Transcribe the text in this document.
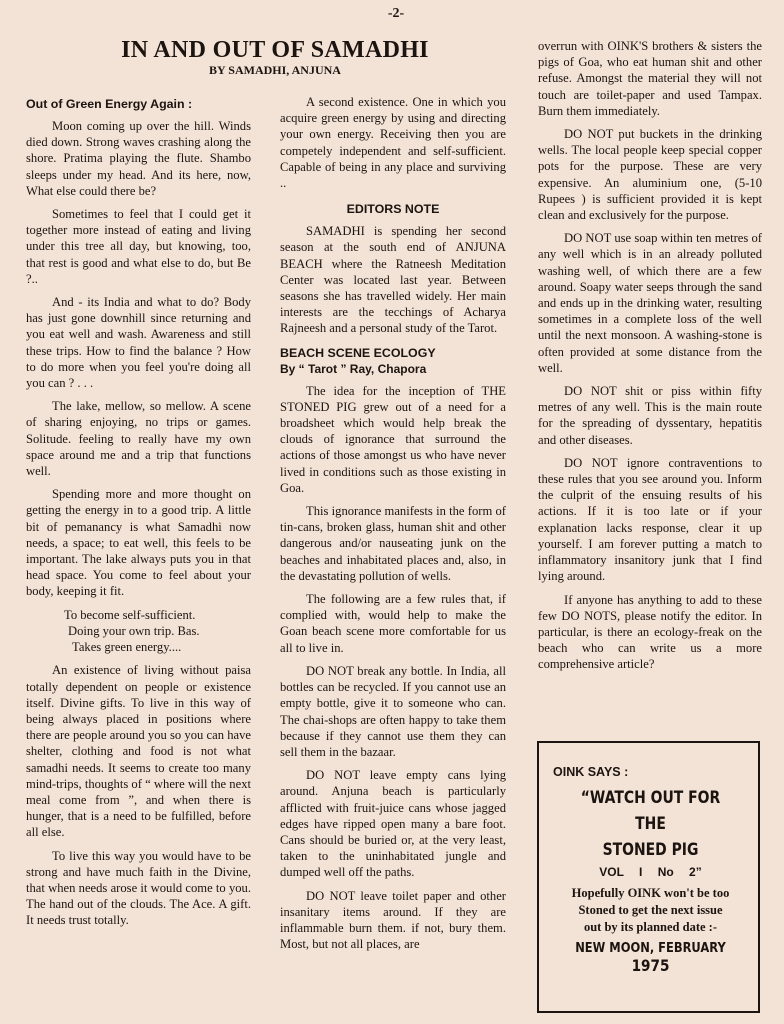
-2-
IN AND OUT OF SAMADHI
BY SAMADHI, ANJUNA
Out of Green Energy Again :

Moon coming up over the hill. Winds died down. Strong waves crashing along the shore. Pratima playing the flute. Shambo sleeps under my head. And its here, now, What else could there be?

Sometimes to feel that I could get it together more instead of eating and living under this tree all day, but knowing, too, that rest is good and what else to do, but Be ?..

And - its India and what to do? Body has just gone downhill since returning and you eat well and wash. Awareness and still these trips. How to find the balance ? How to do more when you feel you're doing all you can ? . . .

The lake, mellow, so mellow. A scene of sharing enjoying, no trips or games. Solitude. feeling to really have my own space around me and a trip that functions well.

Spending more and more thought on getting the energy in to a good trip. A little bit of pemanancy is what Samadhi now needs, a space; to eat well, this feels to be important. The lake always puts you in that head space. You come to feel about your body, keeping it fit.

To become self-sufficient.
Doing your own trip. Bas.
Takes green energy....

An existence of living without paisa totally dependent on people or existence itself. Divine gifts. To live in this way of being always placed in positions where there are people around you so you can have shelter, clothing and food is not what samadhi needs. It seems to create too many mind-trips, thoughts of “ where will the next meal come from ”, and when there is hunger, that is a need to be fulfilled, before all else.

To live this way you would have to be strong and have much faith in the Divine, that when needs arose it would come to you. The hand out of the clouds. The Ace. A gift. It needs trust totally.

A second existence. One in which you acquire green energy by using and directing your own energy. Receiving then you are competely independent and self-sufficient. Capable of being in any place and surviving ..

EDITORS NOTE

SAMADHI is spending her second season at the south end of ANJUNA BEACH where the Ratneesh Meditation Center was located last year. Between seasons she has travelled widely. Her main interests are the tecchings of Acharya Rajneesh and a personal study of the Tarot.

BEACH SCENE ECOLOGY
By “ Tarot ” Ray, Chapora

The idea for the inception of THE STONED PIG grew out of a need for a broadsheet which would help break the clouds of ignorance that surround the actions of those amongst us who have never lived in conditions such as those existing in Goa.

This ignorance manifests in the form of tin-cans, broken glass, human shit and other dangerous and/or nauseating junk on the beaches and inhabitated places and, also, in the devastating pollution of wells.

The following are a few rules that, if complied with, would help to make the Goan beach scene more comfortable for us all to live in.

DO NOT break any bottle. In India, all bottles can be recycled. If you cannot use an empty bottle, give it to someone who can. The chai-shops are often happy to take them because if they cannot use them they can sell them in the bazaar.

DO NOT leave empty cans lying around. Anjuna beach is particularly afflicted with fruit-juice cans whose jagged edges have ripped open many a bare foot. Cans should be buried or, at the very least, taken to the uninhabitated jungle and dumped well off the paths.

DO NOT leave toilet paper and other insanitary items around. If they are inflammable burn them. if not, bury them. Most, but not all places, are

overrun with OINK'S brothers & sisters the pigs of Goa, who eat human shit and other refuse. Amongst the material they will not touch are toilet-paper and used Tampax. Burn them immediately.

DO NOT put buckets in the drinking wells. The local people keep special copper pots for the purpose. These are very expensive. An aluminium one, (5-10 Rupees ) is sufficient provided it is kept clean and exclusively for the purpose.

DO NOT use soap within ten metres of any well which is in an already polluted washing well, of which there are a few around. Soapy water seeps through the sand and ends up in the drinking water, resulting sometimes in a complete loss of the well until the next monsoon. A washing-stone is often provided at some distance from the well.

DO NOT shit or piss within fifty metres of any well. This is the main route for the spreading of dyssentary, hepatitis and other diseases.

DO NOT ignore contraventions to these rules that you see around you. Inform the culprit of the ensuing results of his actions. If it is too late or if your explanation lacks response, clear it up yourself. I am forever putting a match to inflammatory insanitory junk that I find lying around.

If anyone has anything to add to these few DO NOTS, please notify the editor. In particular, is there an ecology-freak on the beach who can write us a more comprehensive article?

OINK SAYS :
“WATCH OUT FOR
THE
STONED PIG
VOL I No 2”
Hopefully OINK won't be too
Stoned to get the next issue
out by its planned date :-
NEW MOON, FEBRUARY
1975
